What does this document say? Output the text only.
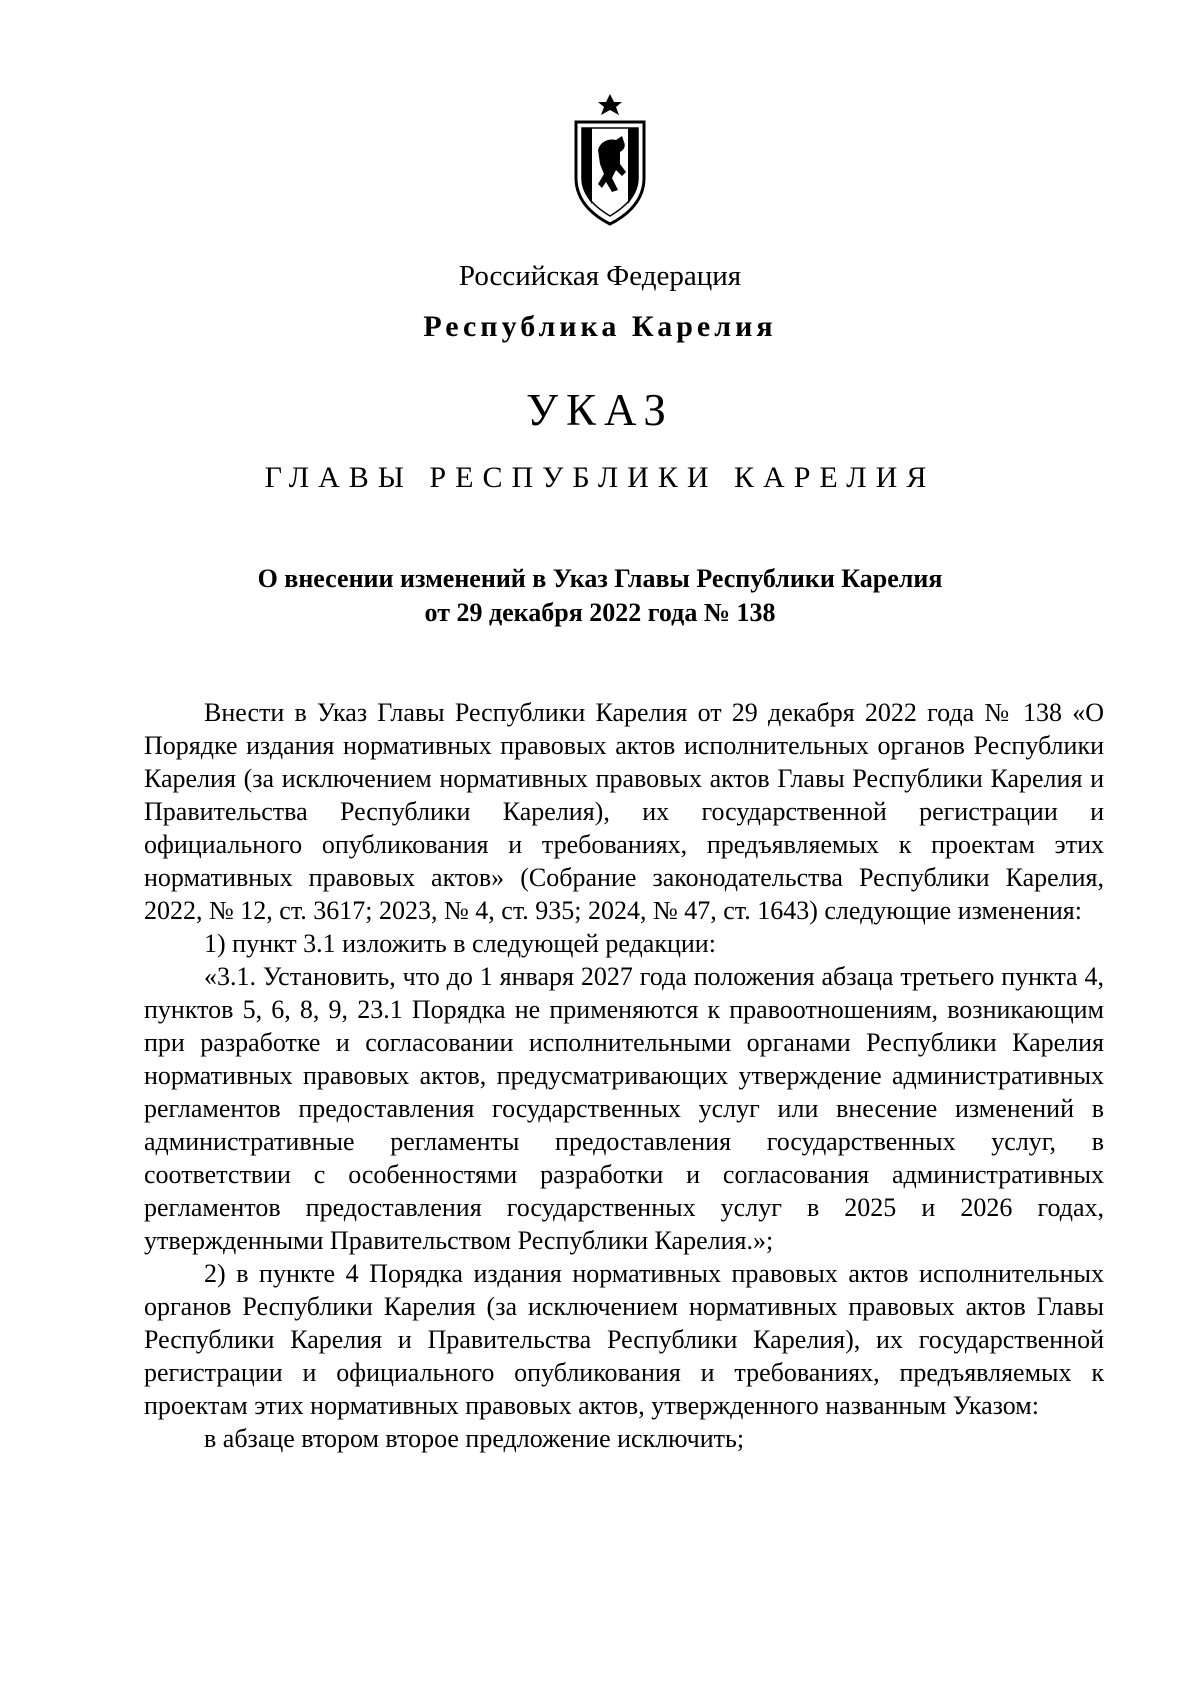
Российская Федерация

Республика Карелия

УКАЗ

ГЛАВЫ РЕСПУБЛИКИ КАРЕЛИЯ

О внесении изменений в Указ Главы Республики Карелия
от 29 декабря 2022 года № 138

Внести в Указ Главы Республики Карелия от 29 декабря 2022 года № 138 «О Порядке издания нормативных правовых актов исполнительных органов Республики Карелия (за исключением нормативных правовых актов Главы Республики Карелия и Правительства Республики Карелия), их государственной регистрации и официального опубликования и требованиях, предъявляемых к проектам этих нормативных правовых актов» (Собрание законодательства Республики Карелия, 2022, № 12, ст. 3617; 2023, № 4, ст. 935; 2024, № 47, ст. 1643) следующие изменения:

1) пункт 3.1 изложить в следующей редакции:

«3.1. Установить, что до 1 января 2027 года положения абзаца третьего пункта 4, пунктов 5, 6, 8, 9, 23.1 Порядка не применяются к правоотношениям, возникающим при разработке и согласовании исполнительными органами Республики Карелия нормативных правовых актов, предусматривающих утверждение административных регламентов предоставления государственных услуг или внесение изменений в административные регламенты предоставления государственных услуг, в соответствии с особенностями разработки и согласования административных регламентов предоставления государственных услуг в 2025 и 2026 годах, утвержденными Правительством Республики Карелия.»;

2) в пункте 4 Порядка издания нормативных правовых актов исполнительных органов Республики Карелия (за исключением нормативных правовых актов Главы Республики Карелия и Правительства Республики Карелия), их государственной регистрации и официального опубликования и требованиях, предъявляемых к проектам этих нормативных правовых актов, утвержденного названным Указом:

в абзаце втором второе предложение исключить;
